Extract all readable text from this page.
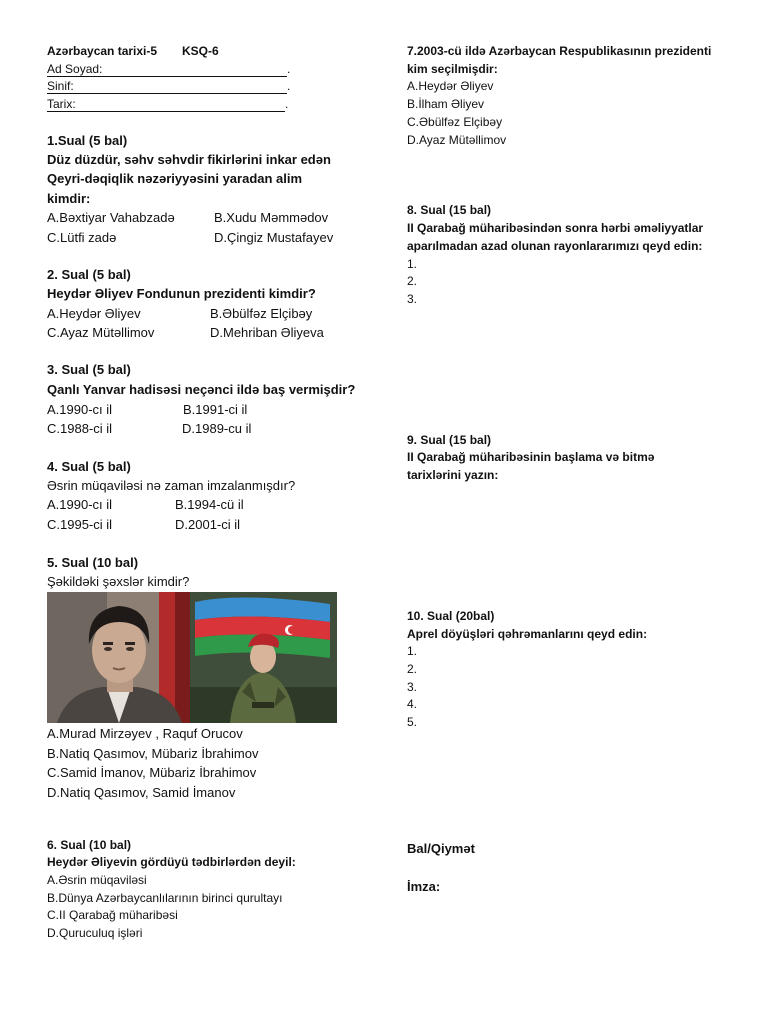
Azərbaycan tarixi-5 KSQ-6
Ad Soyad:	.
Sinif:	.
Tarix:	.
1.Sual (5 bal)
Düz düzdür, səhv səhvdir fikirlərini inkar edən
Qeyri-dəqiqlik nəzəriyyəsini yaradan alim
kimdir:
A.Bəxtiyar Vahabzadə	B.Xudu Məmmədov
C.Lütfi zadə	D.Çingiz Mustafayev
2. Sual (5 bal)
Heydər Əliyev Fondunun prezidenti kimdir?
A.Heydər Əliyev	B.Əbülfəz Elçibəy
C.Ayaz Mütəllimov	D.Mehriban Əliyeva
3. Sual (5 bal)
Qanlı Yanvar hadisəsi neçənci ildə baş vermişdir?
A.1990-cı il	B.1991-ci il
C.1988-ci il	D.1989-cu il
4. Sual (5 bal)
Əsrin müqaviləsi nə zaman imzalanmışdır?
A.1990-cı il	B.1994-cü il
C.1995-ci il	D.2001-ci il
5. Sual (10 bal)
Şəkildəki şəxslər kimdir?
A.Murad Mirzəyev , Raquf Orucov
B.Natiq Qasımov, Mübariz İbrahimov
C.Samid İmanov, Mübariz İbrahimov
D.Natiq Qasımov, Samid İmanov
6. Sual (10 bal)
Heydər Əliyevin gördüyü tədbirlərdən deyil:
A.Əsrin müqaviləsi
B.Dünya Azərbaycanlılarının birinci qurultayı
C.II Qarabağ müharibəsi
D.Quruculuq işləri
7.2003-cü ildə Azərbaycan Respublikasının prezidenti
kim seçilmişdir:
A.Heydər Əliyev
B.İlham Əliyev
C.Əbülfəz Elçibəy
D.Ayaz Mütəllimov
8. Sual (15 bal)
II Qarabağ müharibəsindən sonra hərbi əməliyyatlar
aparılmadan azad olunan rayonlararımızı qeyd edin:
1.
2.
3.
9. Sual (15 bal)
II Qarabağ müharibəsinin başlama və bitmə
tarixlərini yazın:
10. Sual (20bal)
Aprel döyüşləri qəhrəmanlarını qeyd edin:
1.
2.
3.
4.
5.
Bal/Qiymət
İmza:
